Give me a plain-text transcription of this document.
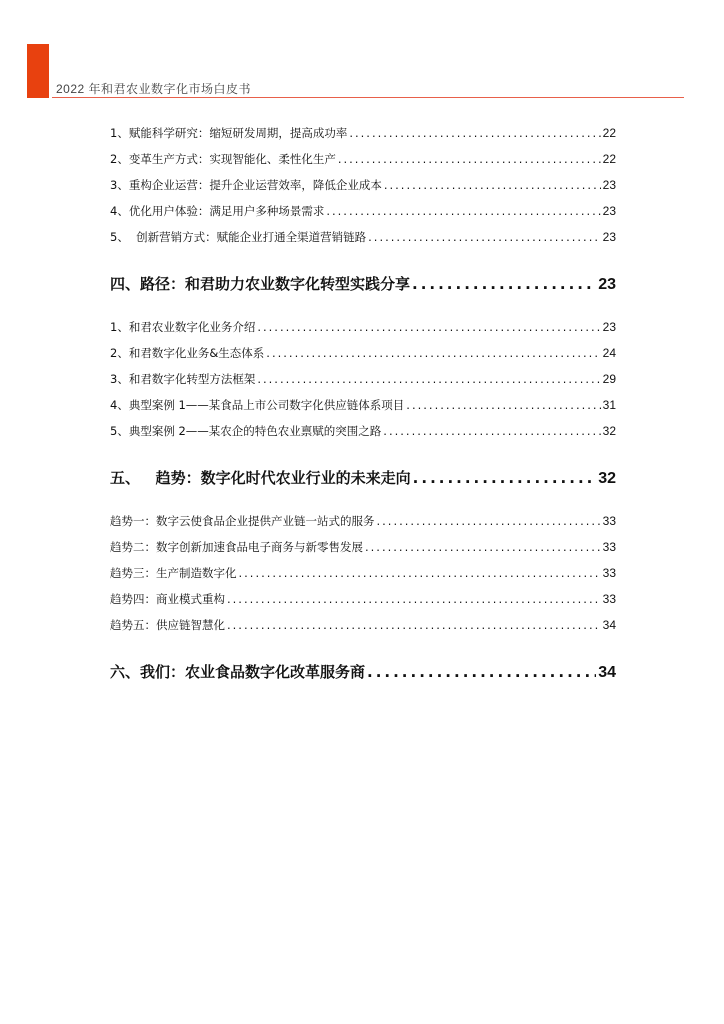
2022 年和君农业数字化市场白皮书
1、赋能科学研究：缩短研发周期，提高成功率 .....	22
2、变革生产方式：实现智能化、柔性化生产 .....	22
3、重构企业运营：提升企业运营效率，降低企业成本 .....	23
4、优化用户体验：满足用户多种场景需求 .....	23
5、  创新营销方式：赋能企业打通全渠道营销链路 .....	23
四、路径：和君助力农业数字化转型实践分享 .....	23
1、和君农业数字化业务介绍 .....	23
2、和君数字化业务&生态体系 .....	24
3、和君数字化转型方法框架 .....	29
4、典型案例 1——某食品上市公司数字化供应链体系项目 .....	31
5、典型案例 2——某农企的特色农业禀赋的突围之路 .....	32
五、   趋势：数字化时代农业行业的未来走向 .....	32
趋势一：数字云使食品企业提供产业链一站式的服务 .....	33
趋势二：数字创新加速食品电子商务与新零售发展 .....	33
趋势三：生产制造数字化 .....	33
趋势四：商业模式重构 .....	33
趋势五：供应链智慧化 .....	34
六、我们：农业食品数字化改革服务商 .....	34
